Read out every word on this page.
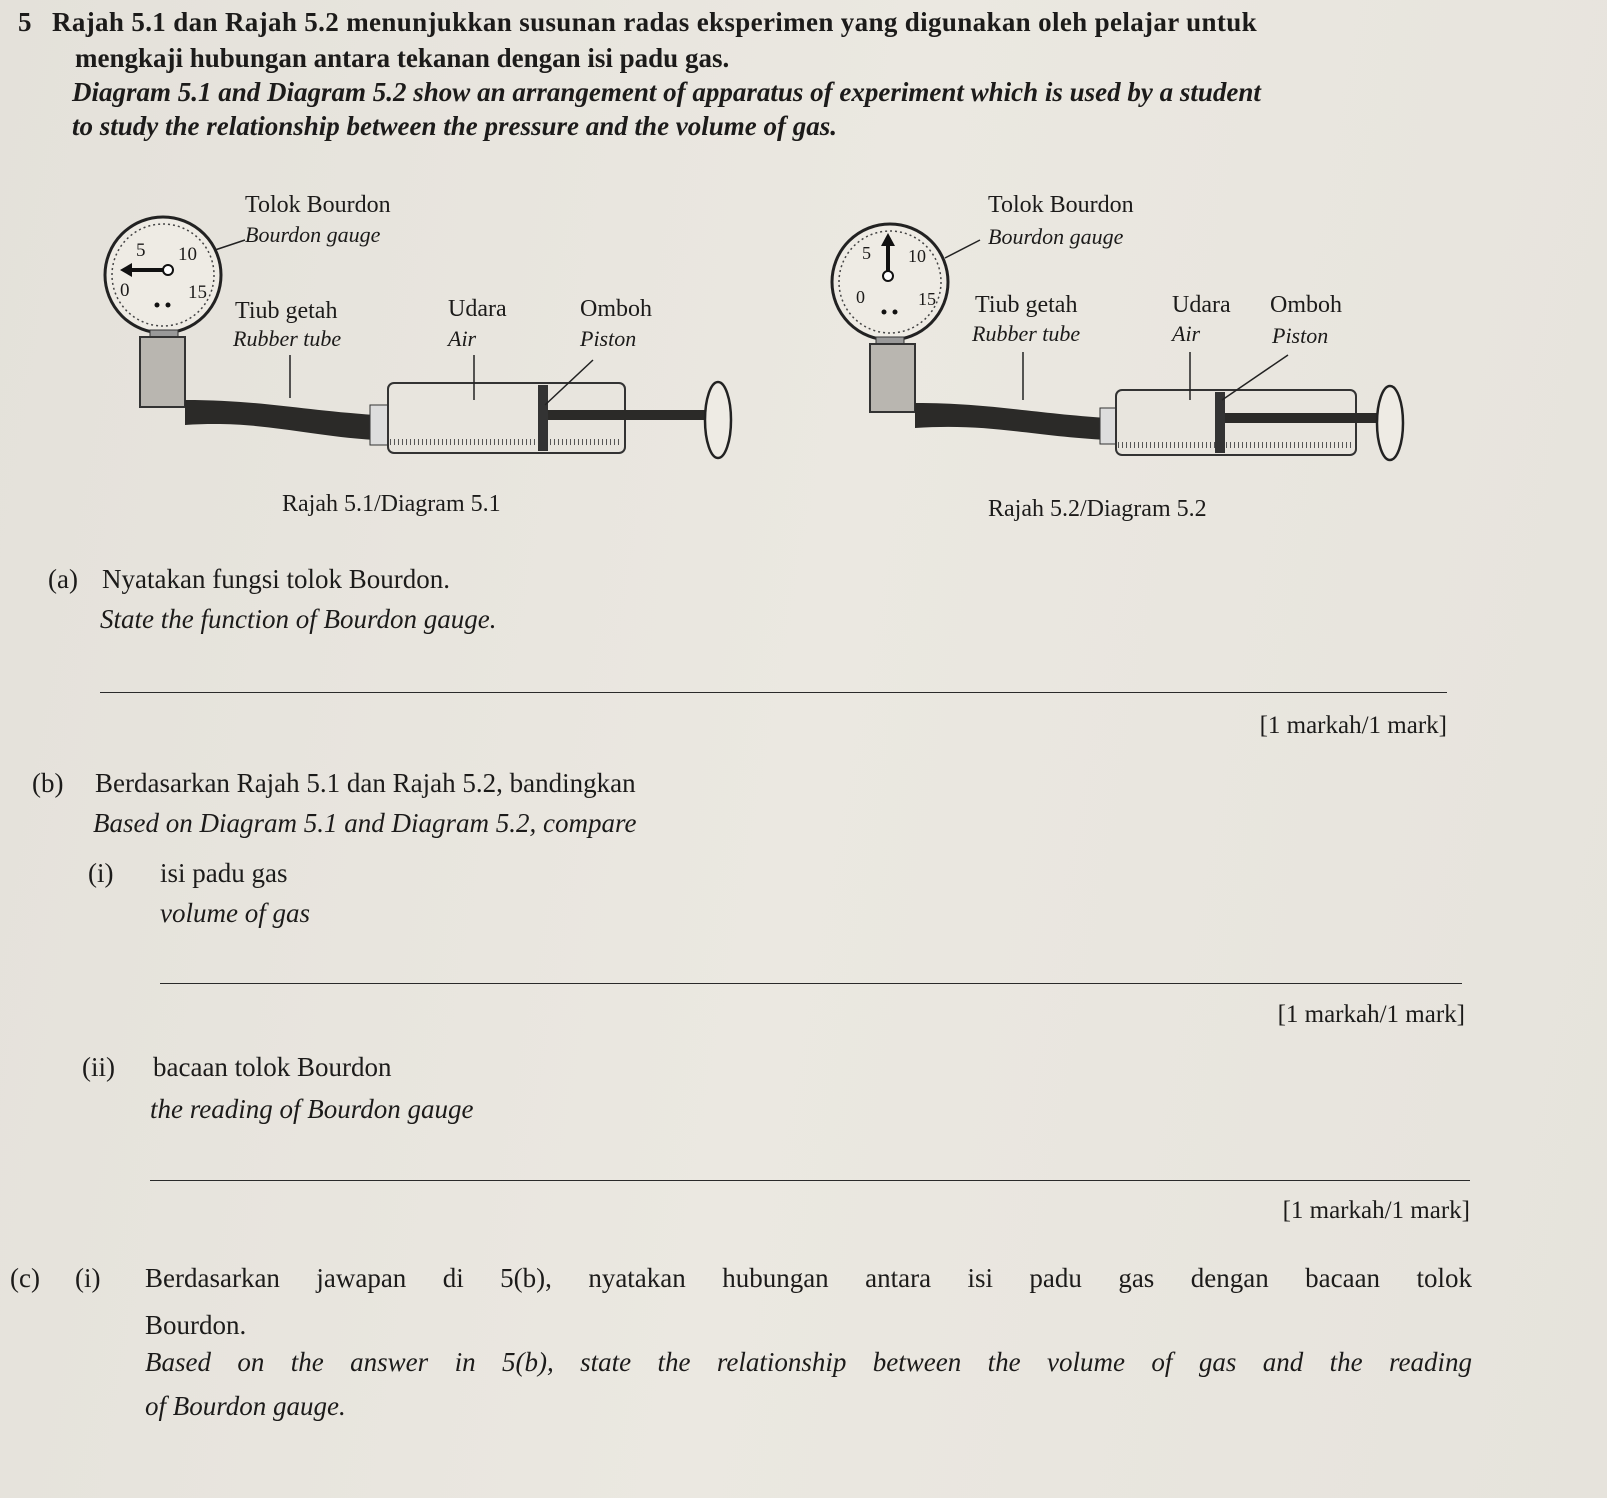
5 Rajah 5.1 dan Rajah 5.2 menunjukkan susunan radas eksperimen yang digunakan oleh pelajar untuk
mengkaji hubungan antara tekanan dengan isi padu gas.
Diagram 5.1 and Diagram 5.2 show an arrangement of apparatus of experiment which is used by a student
to study the relationship between the pressure and the volume of gas.
5 10
0	15
5 10
0	15
Tolok Bourdon
Bourdon gauge
Tiub getah
Rubber tube
Udara
Air
Omboh
Piston
Rajah 5.1/Diagram 5.1
Tolok Bourdon
Bourdon gauge
Tiub getah
Rubber tube
Udara
Air
Omboh
Piston
Rajah 5.2/Diagram 5.2
(a) Nyatakan fungsi tolok Bourdon.
State the function of Bourdon gauge.
[1 markah/1 mark]
(b) Berdasarkan Rajah 5.1 dan Rajah 5.2, bandingkan
Based on Diagram 5.1 and Diagram 5.2, compare
(i) isi padu gas
volume of gas
[1 markah/1 mark]
(ii) bacaan tolok Bourdon
the reading of Bourdon gauge
[1 markah/1 mark]
(c) (i) Berdasarkan jawapan di 5(b), nyatakan hubungan antara isi padu gas dengan bacaan tolok
Bourdon.
Based on the answer in 5(b), state the relationship between the volume of gas and the reading
of Bourdon gauge.
